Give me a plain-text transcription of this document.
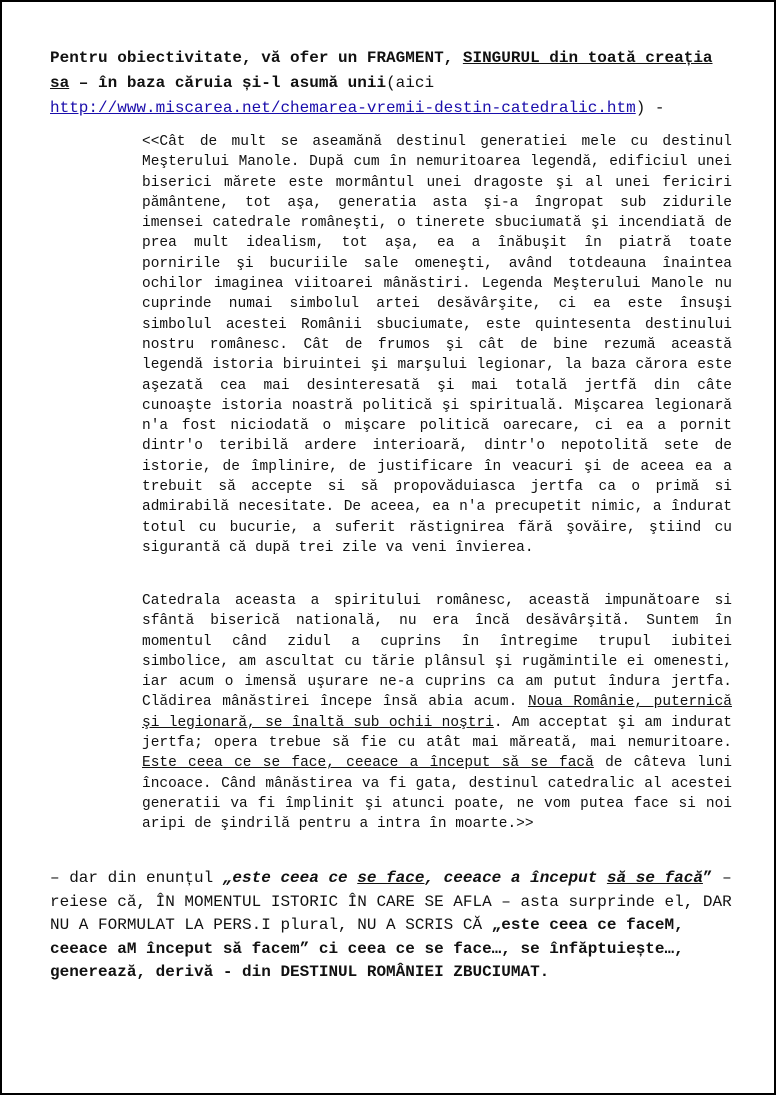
Pentru obiectivitate, vă ofer un FRAGMENT, SINGURUL din toată creația sa – în baza căruia și-l asumă unii(aici
http://www.miscarea.net/chemarea-vremii-destin-catedralic.htm) -

<<Cât de mult se aseamănă destinul generatiei mele cu destinul Meşterului Manole. După cum în nemuritoarea legendă, edificiul unei biserici mărete este mormântul unei dragoste şi al unei fericiri pământene, tot aşa, generatia asta şi-a îngropat sub zidurile imensei catedrale româneşti, o tinerete sbuciumată şi incendiată de prea mult idealism, tot aşa, ea a înăbuşit în piatră toate pornirile şi bucuriile sale omeneşti, având totdeauna înaintea ochilor imaginea viitoarei mânăstiri. Legenda Meşterului Manole nu cuprinde numai simbolul artei desăvârşite, ci ea este însuşi simbolul acestei Românii sbuciumate, este quintesenta destinului nostru românesc. Cât de frumos şi cât de bine rezumă această legendă istoria biruintei şi marşului legionar, la baza cărora este aşezată cea mai desinteresată şi mai totală jertfă din câte cunoaşte istoria noastră politică şi spirituală. Mişcarea legionară n'a fost niciodată o mişcare politică oarecare, ci ea a pornit dintr'o teribilă ardere interioară, dintr'o nepotolită sete de istorie, de împlinire, de justificare în veacuri şi de aceea ea a trebuit să accepte si să propovăduiasca jertfa ca o primă si admirabilă necesitate. De aceea, ea n'a precupetit nimic, a îndurat totul cu bucurie, a suferit răstignirea fără şovăire, ştiind cu sigurantă că după trei zile va veni învierea.

Catedrala aceasta a spiritului românesc, această impunătoare si sfântă biserică natională, nu era încă desăvârşită. Suntem în momentul când zidul a cuprins în întregime trupul iubitei simbolice, am ascultat cu tărie plânsul şi rugămintile ei omenesti, iar acum o imensă uşurare ne-a cuprins ca am putut îndura jertfa. Clădirea mânăstirei începe însă abia acum. Noua Românie, puternică şi legionară, se înaltă sub ochii noştri. Am acceptat şi am indurat jertfa; opera trebue să fie cu atât mai măreată, mai nemuritoare. Este ceea ce se face, ceeace a început să se facă de câteva luni încoace. Când mânăstirea va fi gata, destinul catedralic al acestei generatii va fi împlinit şi atunci poate, ne vom putea face si noi aripi de şindrilă pentru a intra în moarte.>>

– dar din enunțul „este ceea ce se face, ceeace a început să se facă” – reiese că, ÎN MOMENTUL ISTORIC ÎN CARE SE AFLA – asta surprinde el, DAR NU A FORMULAT LA PERS.I plural, NU A SCRIS CĂ „este ceea ce faceM, ceeace aM început să facem” ci ceea ce se face…, se înfăptuiește…, generează, derivă - din DESTINUL ROMÂNIEI ZBUCIUMAT.
